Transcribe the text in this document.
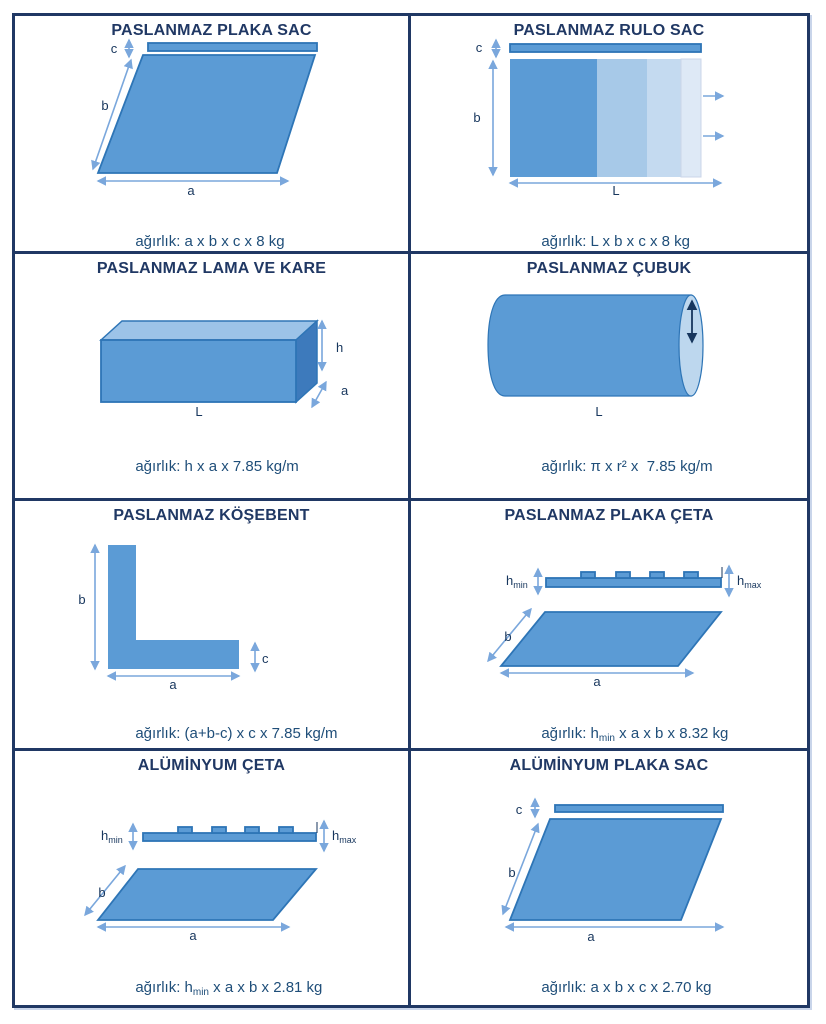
PASLANMAZ PLAKA SAC
c
b
a

ağırlık: a x b x c x 8 kg

PASLANMAZ RULO SAC
c
b
L

ağırlık: L x b x c x 8 kg

PASLANMAZ LAMA VE KARE
h
a
L

ağırlık: h x a x 7.85 kg/m

PASLANMAZ ÇUBUK
L

ağırlık: π x r² x  7.85 kg/m

PASLANMAZ KÖŞEBENT
b
a
c

ağırlık: (a+b-c) x c x 7.85 kg/m

PASLANMAZ PLAKA ÇETA
$h_{min}$	$h_{max}$
b
a

ağırlık: $h_{min}$ x a x b x 8.32 kg

ALÜMİNYUM ÇETA
$h_{min}$	$h_{max}$
b
a

ağırlık: $h_{min}$ x a x b x 2.81 kg

ALÜMİNYUM PLAKA SAC
c
b
a

ağırlık: a x b x c x 2.70 kg
